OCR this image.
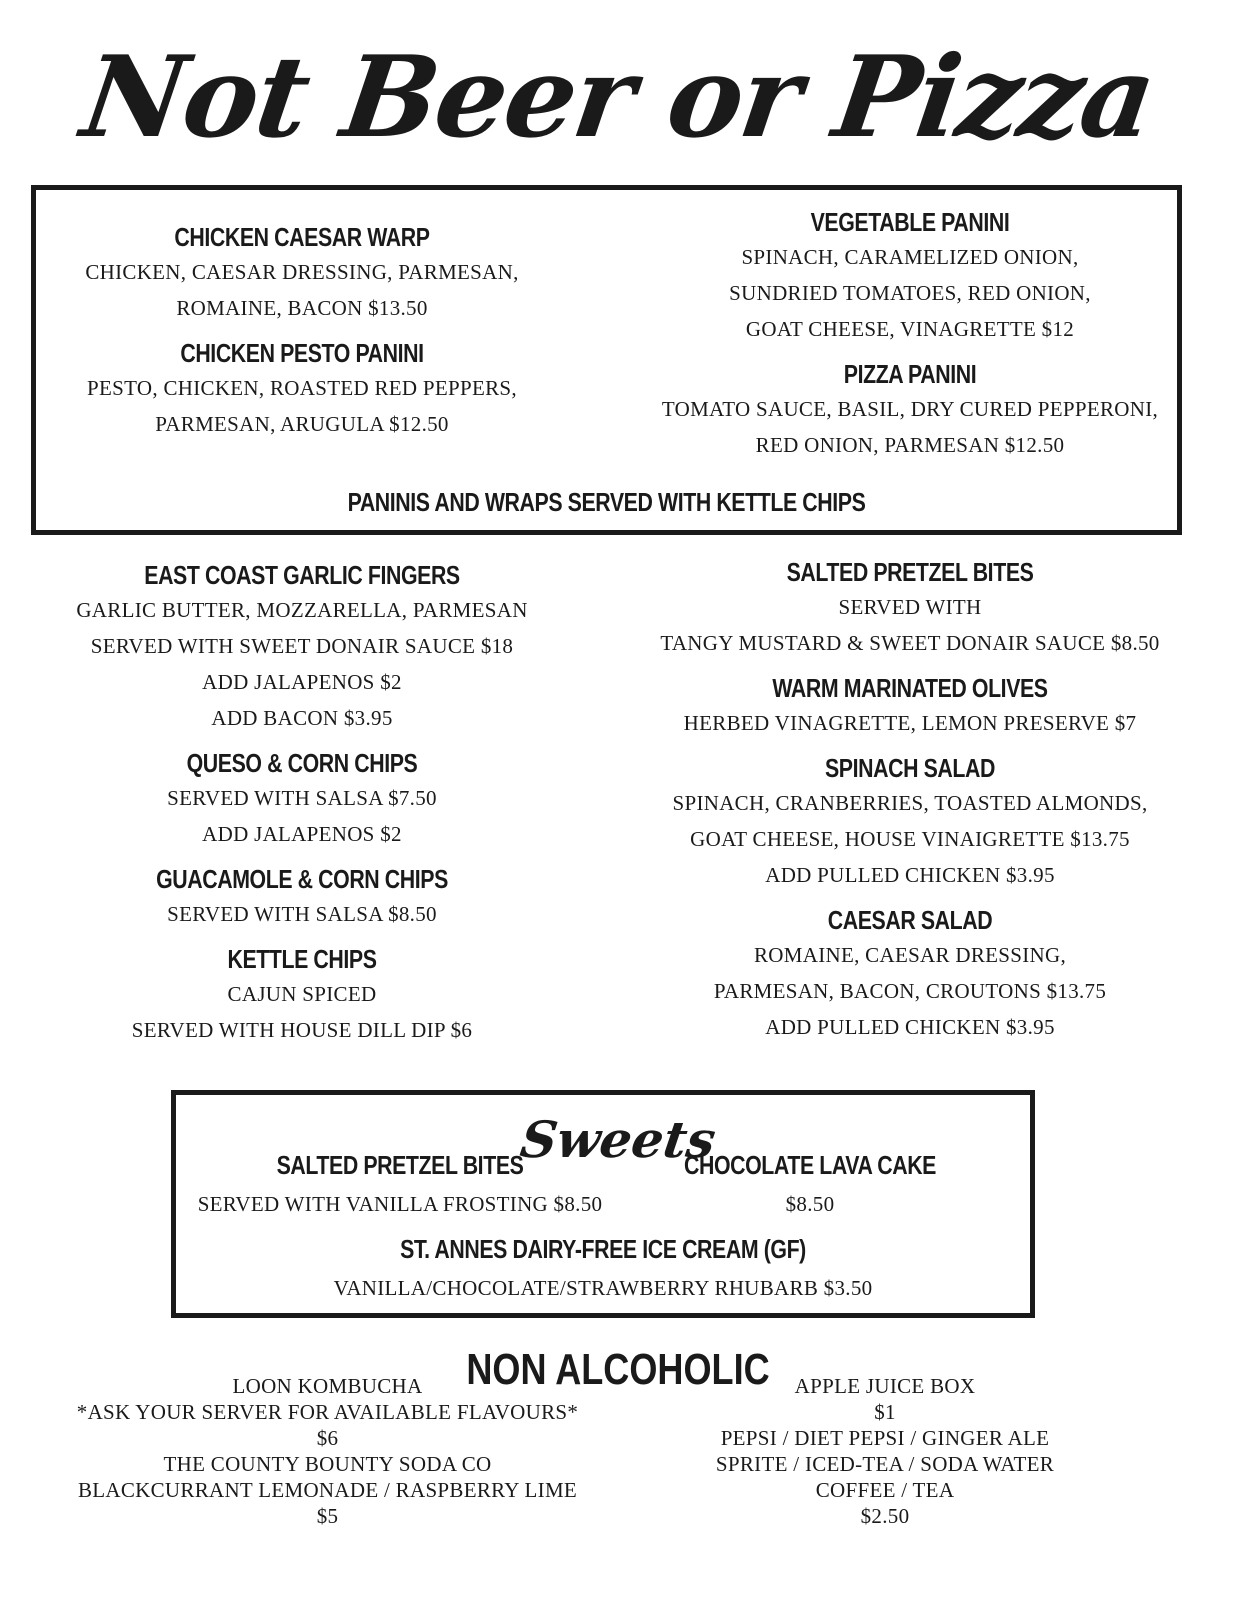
Not Beer or Pizza
CHICKEN CAESAR WARP
CHICKEN, CAESAR DRESSING, PARMESAN,
ROMAINE, BACON $13.50
CHICKEN PESTO PANINI
PESTO, CHICKEN, ROASTED RED PEPPERS,
PARMESAN, ARUGULA $12.50
VEGETABLE PANINI
SPINACH, CARAMELIZED ONION,
SUNDRIED TOMATOES, RED ONION,
GOAT CHEESE, VINAGRETTE $12
PIZZA PANINI
TOMATO SAUCE, BASIL, DRY CURED PEPPERONI,
RED ONION, PARMESAN $12.50
PANINIS AND WRAPS SERVED WITH KETTLE CHIPS
EAST COAST GARLIC FINGERS
GARLIC BUTTER, MOZZARELLA, PARMESAN
SERVED WITH SWEET DONAIR SAUCE $18
ADD JALAPENOS $2
ADD BACON $3.95
QUESO & CORN CHIPS
SERVED WITH SALSA $7.50
ADD JALAPENOS $2
GUACAMOLE & CORN CHIPS
SERVED WITH SALSA $8.50
KETTLE CHIPS
CAJUN SPICED
SERVED WITH HOUSE DILL DIP $6
SALTED PRETZEL BITES
SERVED WITH
TANGY MUSTARD & SWEET DONAIR SAUCE $8.50
WARM MARINATED OLIVES
HERBED VINAGRETTE, LEMON PRESERVE $7
SPINACH SALAD
SPINACH, CRANBERRIES, TOASTED ALMONDS,
GOAT CHEESE, HOUSE VINAIGRETTE $13.75
ADD PULLED CHICKEN $3.95
CAESAR SALAD
ROMAINE, CAESAR DRESSING,
PARMESAN, BACON, CROUTONS $13.75
ADD PULLED CHICKEN $3.95
Sweets
SALTED PRETZEL BITES
SERVED WITH VANILLA FROSTING $8.50
CHOCOLATE LAVA CAKE
$8.50
ST. ANNES DAIRY-FREE ICE CREAM (GF)
VANILLA/CHOCOLATE/STRAWBERRY RHUBARB $3.50
NON ALCOHOLIC
LOON KOMBUCHA
*ASK YOUR SERVER FOR AVAILABLE FLAVOURS*
$6
THE COUNTY BOUNTY SODA CO
BLACKCURRANT LEMONADE / RASPBERRY LIME
$5
APPLE JUICE BOX
$1
PEPSI / DIET PEPSI / GINGER ALE
SPRITE / ICED-TEA / SODA WATER
COFFEE / TEA
$2.50
